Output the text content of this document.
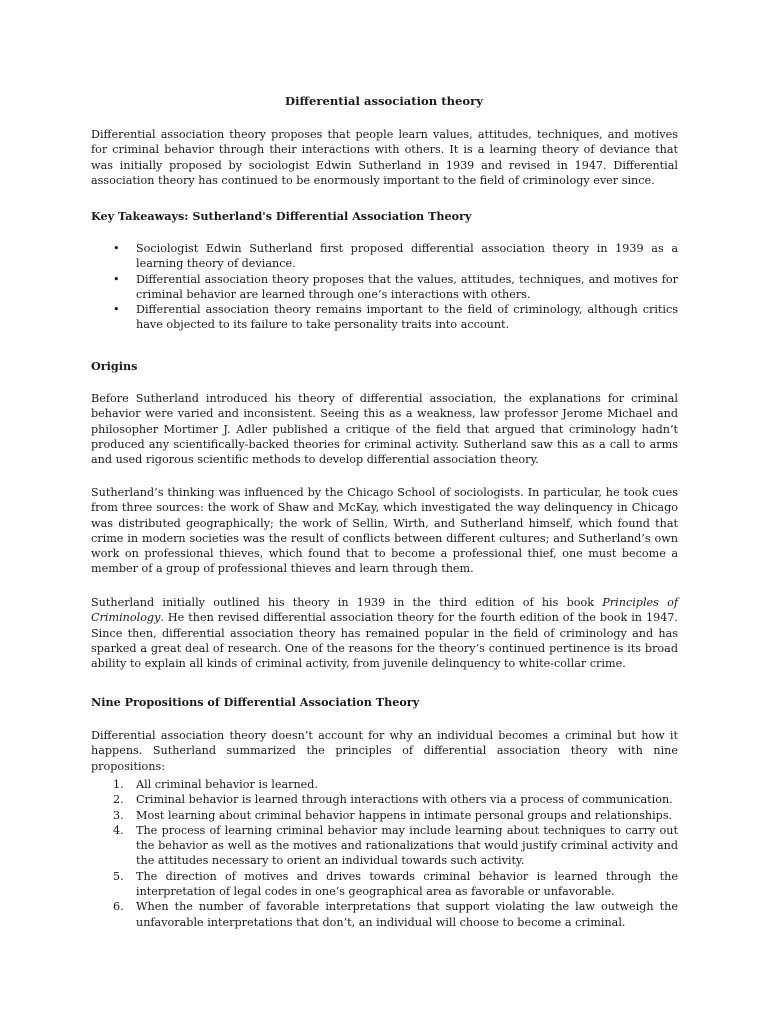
Differential association theory

Differential association theory proposes that people learn values, attitudes, techniques, and motives for criminal behavior through their interactions with others. It is a learning theory of deviance that was initially proposed by sociologist Edwin Sutherland in 1939 and revised in 1947. Differential association theory has continued to be enormously important to the field of criminology ever since.

Key Takeaways: Sutherland's Differential Association Theory

• Sociologist Edwin Sutherland first proposed differential association theory in 1939 as a learning theory of deviance.
• Differential association theory proposes that the values, attitudes, techniques, and motives for criminal behavior are learned through one’s interactions with others.
• Differential association theory remains important to the field of criminology, although critics have objected to its failure to take personality traits into account.

Origins

Before Sutherland introduced his theory of differential association, the explanations for criminal behavior were varied and inconsistent. Seeing this as a weakness, law professor Jerome Michael and philosopher Mortimer J. Adler published a critique of the field that argued that criminology hadn’t produced any scientifically-backed theories for criminal activity. Sutherland saw this as a call to arms and used rigorous scientific methods to develop differential association theory.

Sutherland’s thinking was influenced by the Chicago School of sociologists. In particular, he took cues from three sources: the work of Shaw and McKay, which investigated the way delinquency in Chicago was distributed geographically; the work of Sellin, Wirth, and Sutherland himself, which found that crime in modern societies was the result of conflicts between different cultures; and Sutherland’s own work on professional thieves, which found that to become a professional thief, one must become a member of a group of professional thieves and learn through them.

Sutherland initially outlined his theory in 1939 in the third edition of his book Principles of Criminology. He then revised differential association theory for the fourth edition of the book in 1947. Since then, differential association theory has remained popular in the field of criminology and has sparked a great deal of research. One of the reasons for the theory’s continued pertinence is its broad ability to explain all kinds of criminal activity, from juvenile delinquency to white-collar crime.

Nine Propositions of Differential Association Theory

Differential association theory doesn’t account for why an individual becomes a criminal but how it happens. Sutherland summarized the principles of differential association theory with nine propositions:

1. All criminal behavior is learned.
2. Criminal behavior is learned through interactions with others via a process of communication.
3. Most learning about criminal behavior happens in intimate personal groups and relationships.
4. The process of learning criminal behavior may include learning about techniques to carry out the behavior as well as the motives and rationalizations that would justify criminal activity and the attitudes necessary to orient an individual towards such activity.
5. The direction of motives and drives towards criminal behavior is learned through the interpretation of legal codes in one’s geographical area as favorable or unfavorable.
6. When the number of favorable interpretations that support violating the law outweigh the unfavorable interpretations that don’t, an individual will choose to become a criminal.
